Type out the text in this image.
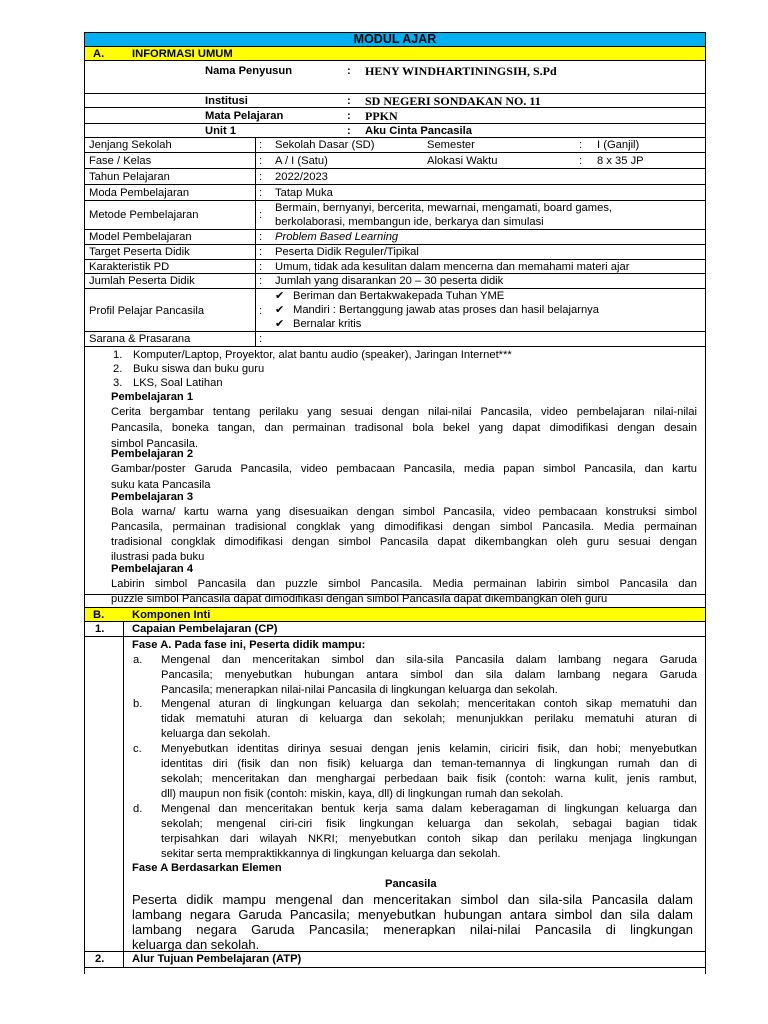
MODUL AJAR
A. INFORMASI UMUM
Nama Penyusun	: HENY WINDHARTININGSIH, S.Pd
Institusi	: SD NEGERI SONDAKAN NO. 11
Mata Pelajaran	: PPKN
Unit 1	: Aku Cinta Pancasila
Jenjang Sekolah	: Sekolah Dasar (SD)	Semester	: I (Ganjil)
Fase / Kelas	: A / I (Satu)	Alokasi Waktu	: 8 x 35 JP
Tahun Pelajaran	: 2022/2023
Moda Pembelajaran	: Tatap Muka
Metode Pembelajaran	:
Bermain, bernyanyi, bercerita, mewarnai, mengamati, board games,
berkolaborasi, membangun ide, berkarya dan simulasi
Model Pembelajaran	: Problem Based Learning
Target Peserta Didik	: Peserta Didik Reguler/Tipikal
Karakteristik PD	: Umum, tidak ada kesulitan dalam mencerna dan memahami materi ajar
Jumlah Peserta Didik	: Jumlah yang disarankan 20 – 30 peserta didik
Profil Pelajar Pancasila	:
✔ Beriman dan Bertakwakepada Tuhan YME
✔ Mandiri : Bertanggung jawab atas proses dan hasil belajarnya
✔ Bernalar kritis
Sarana & Prasarana	:
1. Komputer/Laptop, Proyektor, alat bantu audio (speaker), Jaringan Internet***
2. Buku siswa dan buku guru
3. LKS, Soal Latihan
Pembelajaran 1
Cerita bergambar tentang perilaku yang sesuai dengan nilai-nilai Pancasila, video pembelajaran nilai-nilai
Pancasila, boneka tangan, dan permainan tradisonal bola bekel yang dapat dimodifikasi dengan desain
simbol Pancasila.
Pembelajaran 2
Gambar/poster Garuda Pancasila, video pembacaan Pancasila, media papan simbol Pancasila, dan kartu
suku kata Pancasila
Pembelajaran 3
Bola warna/ kartu warna yang disesuaikan dengan simbol Pancasila, video pembacaan konstruksi simbol
Pancasila, permainan tradisional congklak yang dimodifikasi dengan simbol Pancasila. Media permainan
tradisional congklak dimodifikasi dengan simbol Pancasila dapat dikembangkan oleh guru sesuai dengan
ilustrasi pada buku
Pembelajaran 4
Labirin simbol Pancasila dan puzzle simbol Pancasila. Media permainan labirin simbol Pancasila dan
puzzle simbol Pancasila dapat dimodifikasi dengan simbol Pancasila dapat dikembangkan oleh guru
B. Komponen Inti
1. Capaian Pembelajaran (CP)
Fase A. Pada fase ini, Peserta didik mampu:
a. Mengenal dan menceritakan simbol dan sila-sila Pancasila dalam lambang negara Garuda
Pancasila; menyebutkan hubungan antara simbol dan sila dalam lambang negara Garuda
Pancasila; menerapkan nilai-nilai Pancasila di lingkungan keluarga dan sekolah.
b. Mengenal aturan di lingkungan keluarga dan sekolah; menceritakan contoh sikap mematuhi dan
tidak mematuhi aturan di keluarga dan sekolah; menunjukkan perilaku mematuhi aturan di
keluarga dan sekolah.
c. Menyebutkan identitas dirinya sesuai dengan jenis kelamin, ciriciri fisik, dan hobi; menyebutkan
identitas diri (fisik dan non fisik) keluarga dan teman-temannya di lingkungan rumah dan di
sekolah; menceritakan dan menghargai perbedaan baik fisik (contoh: warna kulit, jenis rambut,
dll) maupun non fisik (contoh: miskin, kaya, dll) di lingkungan rumah dan sekolah.
d. Mengenal dan menceritakan bentuk kerja sama dalam keberagaman di lingkungan keluarga dan
sekolah; mengenal ciri-ciri fisik lingkungan keluarga dan sekolah, sebagai bagian tidak
terpisahkan dari wilayah NKRI; menyebutkan contoh sikap dan perilaku menjaga lingkungan
sekitar serta mempraktikkannya di lingkungan keluarga dan sekolah.
Fase A Berdasarkan Elemen
Pancasila
Peserta didik mampu mengenal dan menceritakan simbol dan sila-sila Pancasila dalam
lambang negara Garuda Pancasila; menyebutkan hubungan antara simbol dan sila dalam
lambang negara Garuda Pancasila; menerapkan nilai-nilai Pancasila di lingkungan
keluarga dan sekolah.
2. Alur Tujuan Pembelajaran (ATP)
